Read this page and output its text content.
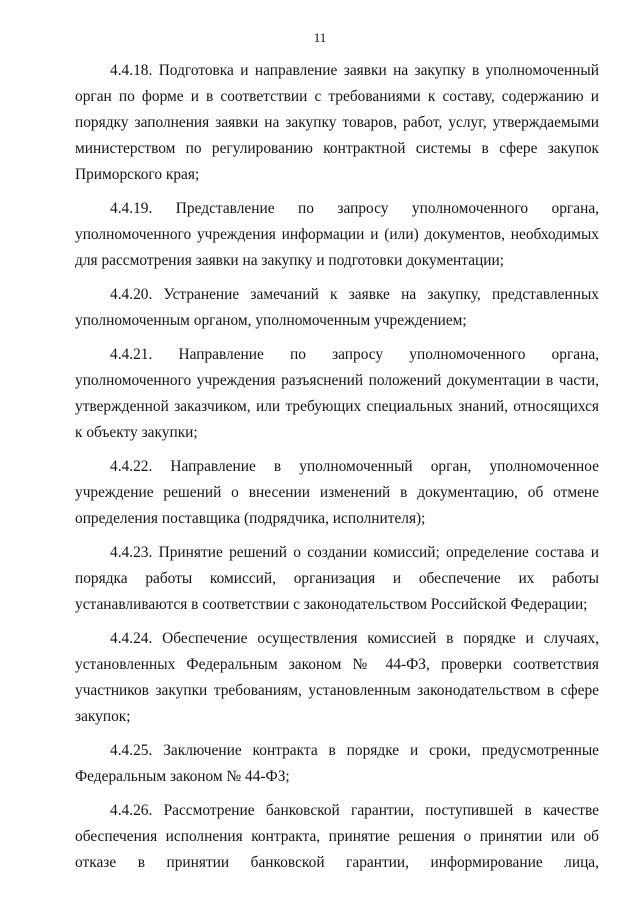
11

4.4.18. Подготовка и направление заявки на закупку в уполномоченный орган по форме и в соответствии с требованиями к составу, содержанию и порядку заполнения заявки на закупку товаров, работ, услуг, утверждаемыми министерством по регулированию контрактной системы в сфере закупок Приморского края;

4.4.19. Представление по запросу уполномоченного органа, уполномоченного учреждения информации и (или) документов, необходимых для рассмотрения заявки на закупку и подготовки документации;

4.4.20. Устранение замечаний к заявке на закупку, представленных уполномоченным органом, уполномоченным учреждением;

4.4.21. Направление по запросу уполномоченного органа, уполномоченного учреждения разъяснений положений документации в части, утвержденной заказчиком, или требующих специальных знаний, относящихся к объекту закупки;

4.4.22. Направление в уполномоченный орган, уполномоченное учреждение решений о внесении изменений в документацию, об отмене определения поставщика (подрядчика, исполнителя);

4.4.23. Принятие решений о создании комиссий; определение состава и порядка работы комиссий, организация и обеспечение их работы устанавливаются в соответствии с законодательством Российской Федерации;

4.4.24. Обеспечение осуществления комиссией в порядке и случаях, установленных Федеральным законом № 44-ФЗ, проверки соответствия участников закупки требованиям, установленным законодательством в сфере закупок;

4.4.25. Заключение контракта в порядке и сроки, предусмотренные Федеральным законом № 44-ФЗ;

4.4.26. Рассмотрение банковской гарантии, поступившей в качестве обеспечения исполнения контракта, принятие решения о принятии или об отказе в принятии банковской гарантии, информирование лица,
